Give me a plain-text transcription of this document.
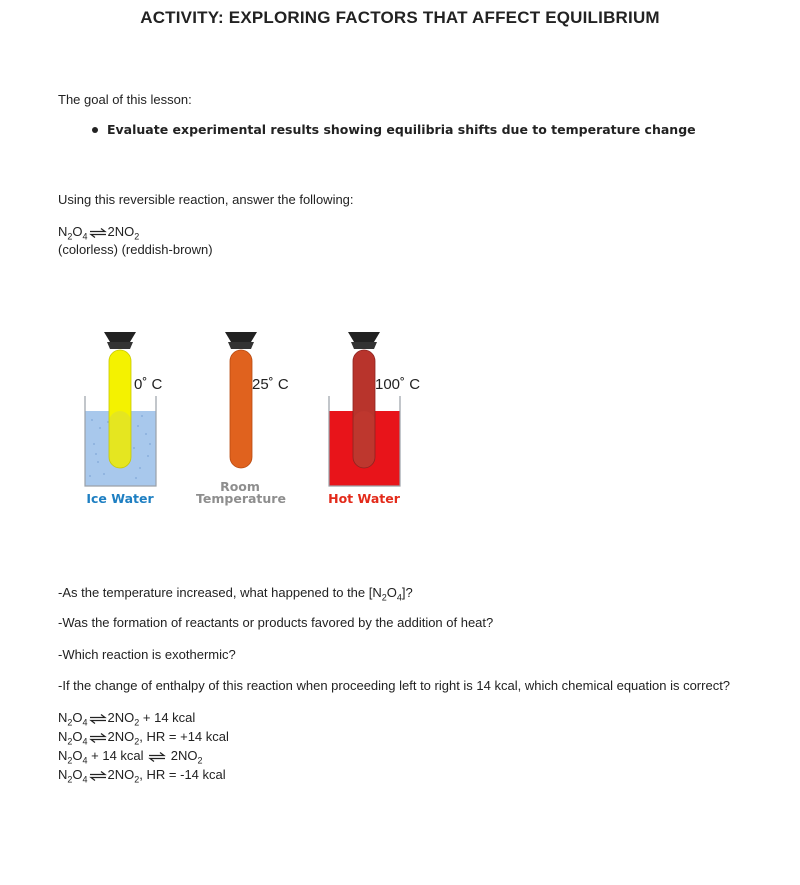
ACTIVITY: EXPLORING FACTORS THAT AFFECT EQUILIBRIUM
The goal of this lesson:
Evaluate experimental results showing equilibria shifts due to temperature change
Using this reversible reaction, answer the following:
$N_2O_4\rightleftharpoons 2NO_2$
(colorless) (reddish-brown)
0˚ C	25˚ C	100˚ C
Ice Water
Room
Temperature	Hot Water
-As the temperature increased, what happened to the $[N_2O_4]$?
-Was the formation of reactants or products favored by the addition of heat?
-Which reaction is exothermic?
-If the change of enthalpy of this reaction when proceeding left to right is 14 kcal, which chemical equation is correct?
$N_2O_4\rightleftharpoons 2NO_2 + 14$ kcal
$N_2O_4\rightleftharpoons 2NO_2$, HR = +14 kcal
$N_2O_4 + 14$ kcal ⇌ $2NO_2$
$N_2O_4\rightleftharpoons 2NO_2$, HR = -14 kcal
